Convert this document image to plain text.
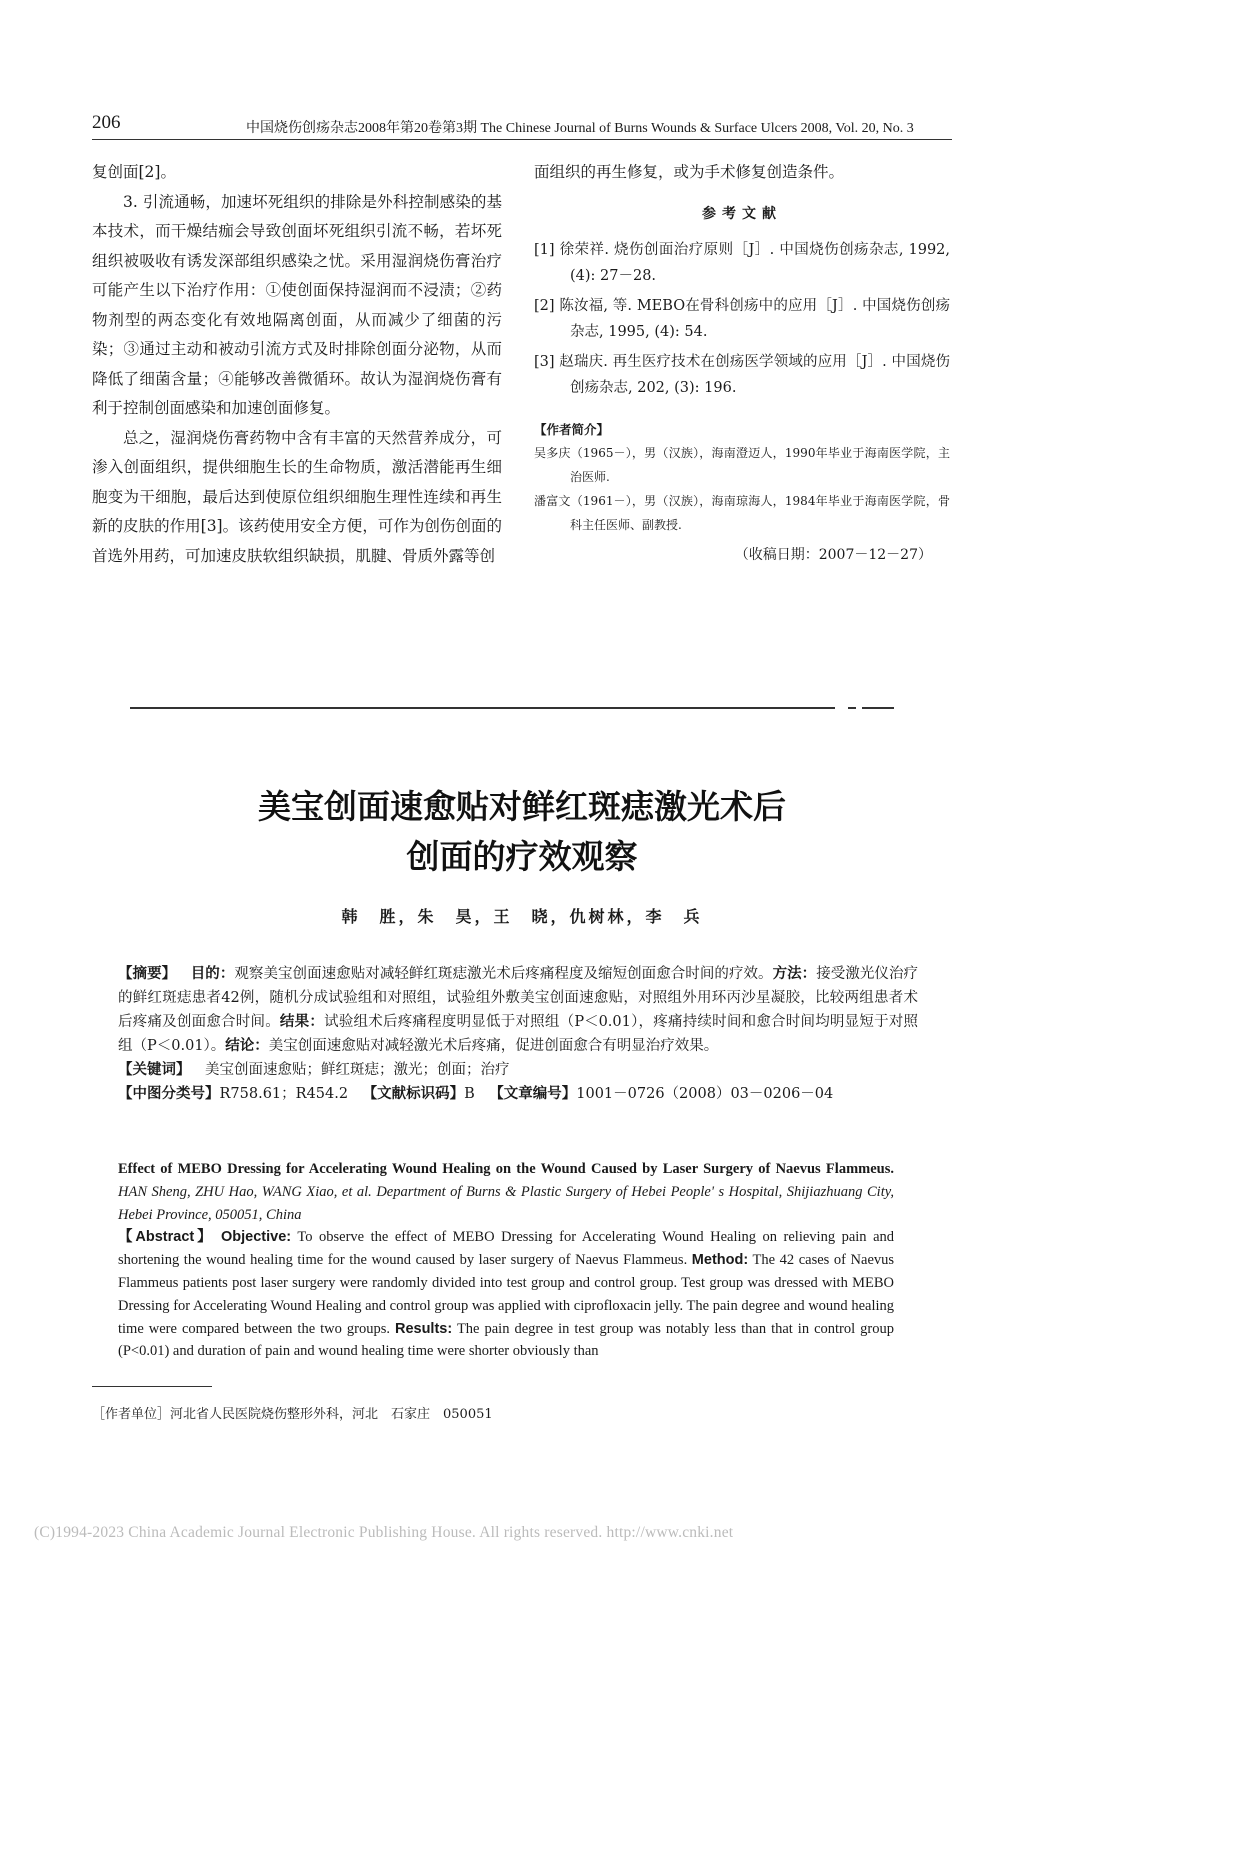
206	中国烧伤创疡杂志2008年第20卷第3期 The Chinese Journal of Burns Wounds & Surface Ulcers 2008, Vol. 20, No. 3

复创面[2]。

3. 引流通畅，加速坏死组织的排除是外科控制感染的基本技术，而干燥结痂会导致创面坏死组织引流不畅，若坏死组织被吸收有诱发深部组织感染之忧。采用湿润烧伤膏治疗可能产生以下治疗作用：①使创面保持湿润而不浸渍；②药物剂型的两态变化有效地隔离创面，从而减少了细菌的污染；③通过主动和被动引流方式及时排除创面分泌物，从而降低了细菌含量；④能够改善微循环。故认为湿润烧伤膏有利于控制创面感染和加速创面修复。

总之，湿润烧伤膏药物中含有丰富的天然营养成分，可渗入创面组织，提供细胞生长的生命物质，激活潜能再生细胞变为干细胞，最后达到使原位组织细胞生理性连续和再生新的皮肤的作用[3]。该药使用安全方便，可作为创伤创面的首选外用药，可加速皮肤软组织缺损，肌腱、骨质外露等创

面组织的再生修复，或为手术修复创造条件。

参考文献

[1] 徐荣祥. 烧伤创面治疗原则［J］. 中国烧伤创疡杂志, 1992, (4): 27－28.

[2] 陈汝福, 等. MEBO在骨科创疡中的应用［J］. 中国烧伤创疡杂志, 1995, (4): 54.

[3] 赵瑞庆. 再生医疗技术在创疡医学领域的应用［J］. 中国烧伤创疡杂志, 202, (3): 196.

【作者简介】

吴多庆（1965－），男（汉族），海南澄迈人，1990年毕业于海南医学院，主治医师.

潘富文（1961－），男（汉族），海南琼海人，1984年毕业于海南医学院，骨科主任医师、副教授.

（收稿日期：2007－12－27）

美宝创面速愈贴对鲜红斑痣激光术后
创面的疗效观察
韩　胜，朱　昊，王　晓，仇树林，李　兵

【摘要】  目的：观察美宝创面速愈贴对减轻鲜红斑痣激光术后疼痛程度及缩短创面愈合时间的疗效。方法：接受激光仪治疗的鲜红斑痣患者42例，随机分成试验组和对照组，试验组外敷美宝创面速愈贴，对照组外用环丙沙星凝胶，比较两组患者术后疼痛及创面愈合时间。结果：试验组术后疼痛程度明显低于对照组（P＜0.01），疼痛持续时间和愈合时间均明显短于对照组（P＜0.01）。结论：美宝创面速愈贴对减轻激光术后疼痛，促进创面愈合有明显治疗效果。

【关键词】  美宝创面速愈贴；鲜红斑痣；激光；创面；治疗

【中图分类号】R758.61；R454.2  【文献标识码】B  【文章编号】1001－0726（2008）03－0206－04

Effect of MEBO Dressing for Accelerating Wound Healing on the Wound Caused by Laser Surgery of Naevus Flammeus. HAN Sheng, ZHU Hao, WANG Xiao, et al. Department of Burns & Plastic Surgery of Hebei People' s Hospital, Shijiazhuang City, Hebei Province, 050051, China

【Abstract】 Objective: To observe the effect of MEBO Dressing for Accelerating Wound Healing on relieving pain and shortening the wound healing time for the wound caused by laser surgery of Naevus Flammeus. Method: The 42 cases of Naevus Flammeus patients post laser surgery were randomly divided into test group and control group. Test group was dressed with MEBO Dressing for Accelerating Wound Healing and control group was applied with ciprofloxacin jelly. The pain degree and wound healing time were compared between the two groups. Results: The pain degree in test group was notably less than that in control group (P<0.01) and duration of pain and wound healing time were shorter obviously than

［作者单位］河北省人民医院烧伤整形外科，河北　石家庄　050051
(C)1994-2023 China Academic Journal Electronic Publishing House. All rights reserved. http://www.cnki.net
